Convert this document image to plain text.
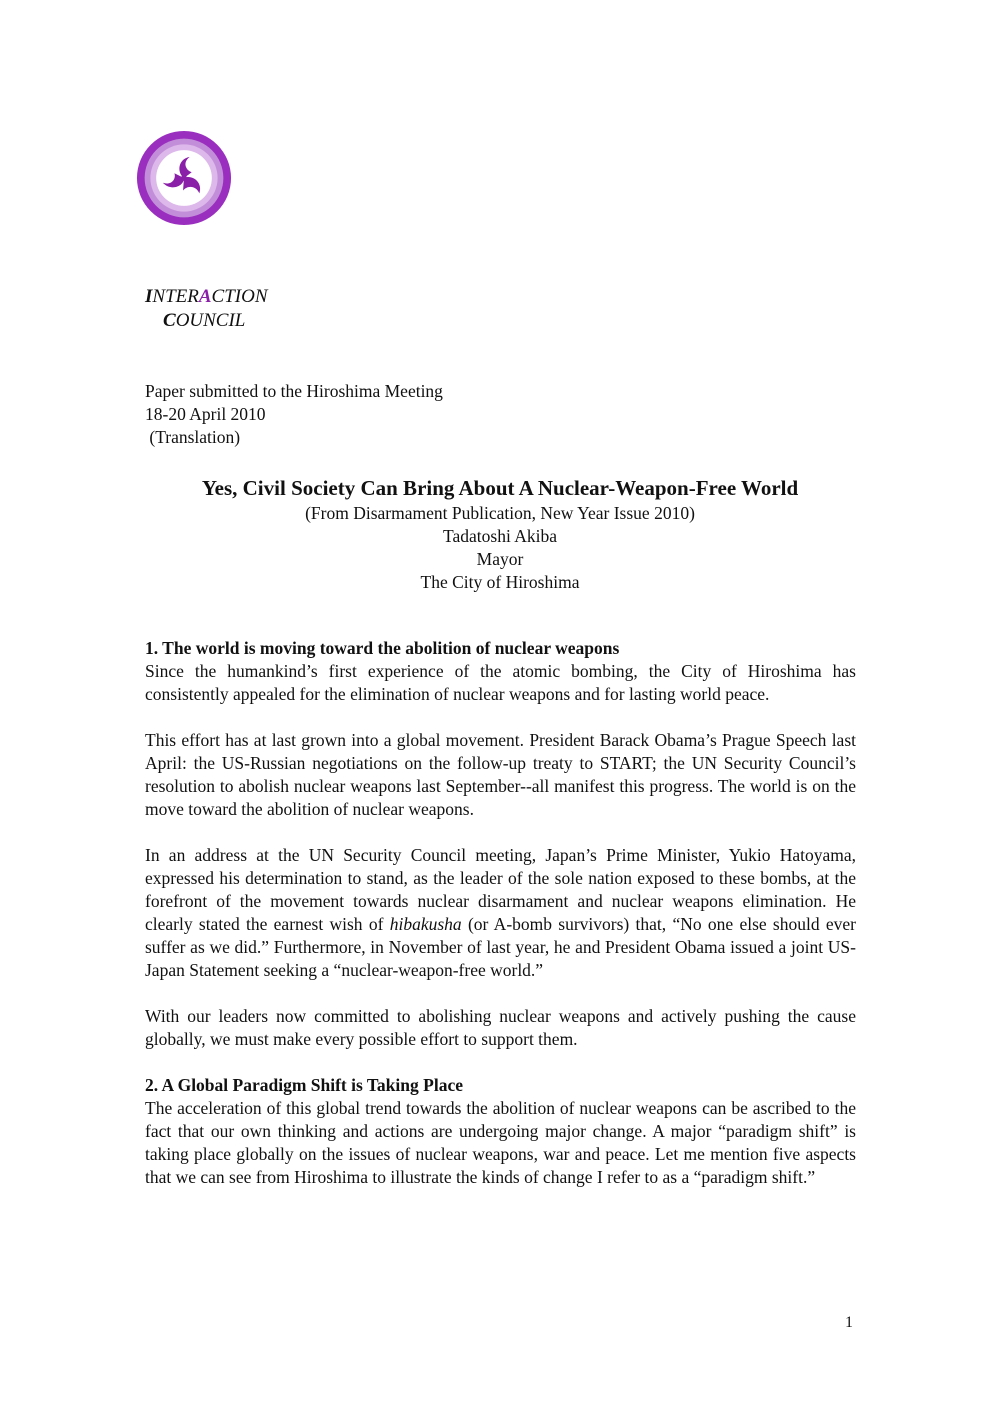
INTERACTION
COUNCIL
Paper submitted to the Hiroshima Meeting
18-20 April 2010
(Translation)
Yes, Civil Society Can Bring About A Nuclear-Weapon-Free World
(From Disarmament Publication, New Year Issue 2010)
Tadatoshi Akiba
Mayor
The City of Hiroshima
1. The world is moving toward the abolition of nuclear weapons

Since the humankind’s first experience of the atomic bombing, the City of Hiroshima has consistently appealed for the elimination of nuclear weapons and for lasting world peace.

This effort has at last grown into a global movement. President Barack Obama’s Prague Speech last April: the US-Russian negotiations on the follow-up treaty to START; the UN Security Council’s resolution to abolish nuclear weapons last September--all manifest this progress. The world is on the move toward the abolition of nuclear weapons.

In an address at the UN Security Council meeting, Japan’s Prime Minister, Yukio Hatoyama, expressed his determination to stand, as the leader of the sole nation exposed to these bombs, at the forefront of the movement towards nuclear disarmament and nuclear weapons elimination. He clearly stated the earnest wish of hibakusha (or A-bomb survivors) that, “No one else should ever suffer as we did.” Furthermore, in November of last year, he and President Obama issued a joint US-Japan Statement seeking a “nuclear-weapon-free world.”

With our leaders now committed to abolishing nuclear weapons and actively pushing the cause globally, we must make every possible effort to support them.

2. A Global Paradigm Shift is Taking Place

The acceleration of this global trend towards the abolition of nuclear weapons can be ascribed to the fact that our own thinking and actions are undergoing major change. A major “paradigm shift” is taking place globally on the issues of nuclear weapons, war and peace. Let me mention five aspects that we can see from Hiroshima to illustrate the kinds of change I refer to as a “paradigm shift.”

1
